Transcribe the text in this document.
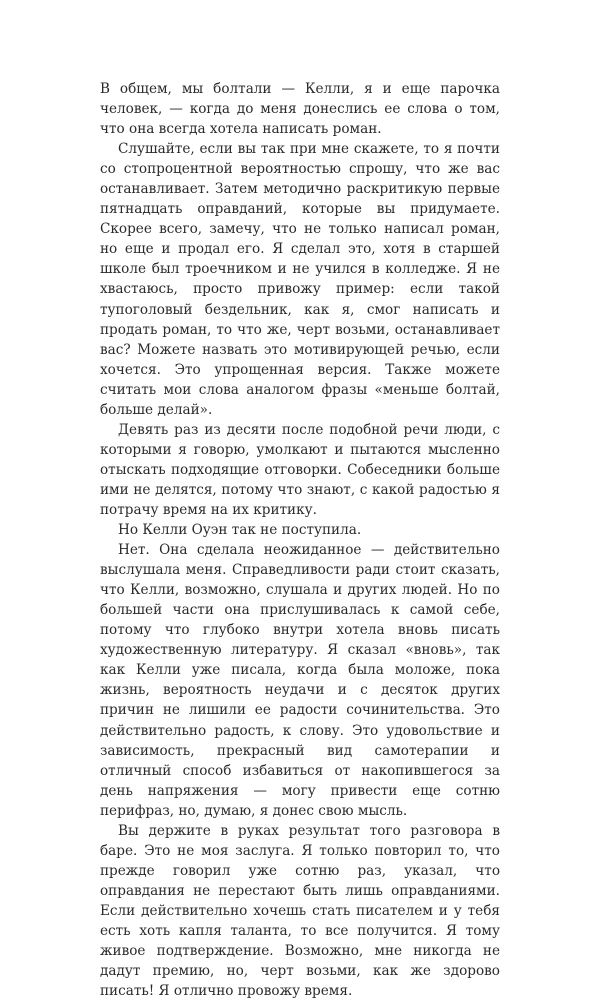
В общем, мы болтали — Келли, я и еще парочка человек, — когда до меня донеслись ее слова о том, что она всегда хотела написать роман.

Слушайте, если вы так при мне скажете, то я почти со стопроцентной вероятностью спрошу, что же вас останавливает. Затем методично раскритикую первые пятнадцать оправданий, которые вы придумаете. Скорее всего, замечу, что не только написал роман, но еще и продал его. Я сделал это, хотя в старшей школе был троечником и не учился в колледже. Я не хвастаюсь, просто привожу пример: если такой тупоголовый бездельник, как я, смог написать и продать роман, то что же, черт возьми, останавливает вас? Можете назвать это мотивирующей речью, если хочется. Это упрощенная версия. Также можете считать мои слова аналогом фразы «меньше болтай, больше делай».

Девять раз из десяти после подобной речи люди, с которыми я говорю, умолкают и пытаются мысленно отыскать подходящие отговорки. Собеседники больше ими не делятся, потому что знают, с какой радостью я потрачу время на их критику.

Но Келли Оуэн так не поступила.

Нет. Она сделала неожиданное — действительно выслушала меня. Справедливости ради стоит сказать, что Келли, возможно, слушала и других людей. Но по большей части она прислушивалась к самой себе, потому что глубоко внутри хотела вновь писать художественную литературу. Я сказал «вновь», так как Келли уже писала, когда была моложе, пока жизнь, вероятность неудачи и с десяток других причин не лишили ее радости сочинительства. Это действительно радость, к слову. Это удовольствие и зависимость, прекрасный вид самотерапии и отличный способ избавиться от накопившегося за день напряжения — могу привести еще сотню перифраз, но, думаю, я донес свою мысль.

Вы держите в руках результат того разговора в баре. Это не моя заслуга. Я только повторил то, что прежде говорил уже сотню раз, указал, что оправдания не перестают быть лишь оправданиями. Если действительно хочешь стать писателем и у тебя есть хоть капля таланта, то все получится. Я тому живое подтверждение. Возможно, мне никогда не дадут премию, но, черт возьми, как же здорово писать! Я отлично провожу время.
